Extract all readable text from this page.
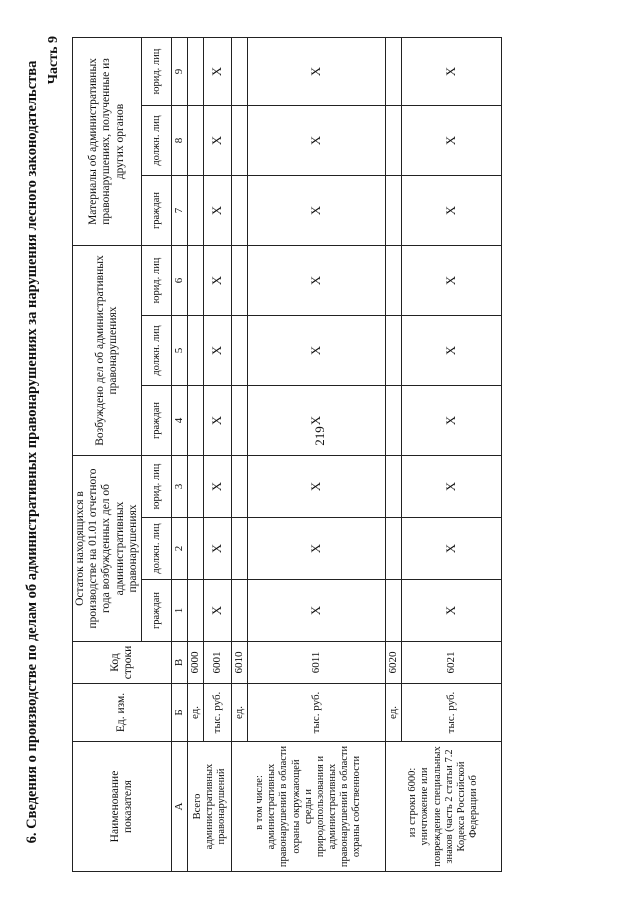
219
6. Сведения о производстве по делам об административных правонарушениях за нарушения лесного законодательства
Часть 9
Наименование показателя	Ед. изм.	Код строки	Остаток находящихся в производстве на 01.01 отчетного года возбужденных дел об административных правонарушениях			Возбуждено дел об административных правонарушениях			Материалы об административных правонарушениях, полученные из других органов		
			граждан	должн. лиц	юрид. лиц	граждан	должн. лиц	юрид. лиц	граждан	должн. лиц	юрид. лиц
А	Б	В	1	2	3	4	5	6	7	8	9
Всего
административных правонарушений	ед.	6000									
	тыс. руб.	6001	Х	Х	Х	Х	Х	Х	Х	Х	Х
в том числе:
административных правонарушений в области охраны окружающей среды и природопользования и административных правонарушений в области охраны собственности	ед.	6010									
	тыс. руб.	6011	Х	Х	Х	Х	Х	Х	Х	Х	Х
из строки 6000:
уничтожение или повреждение специальных знаков (часть 2 статьи 7.2 Кодекса Российской Федерации об	ед.	6020									
	тыс. руб.	6021	Х	Х	Х	Х	Х	Х	Х	Х	Х
